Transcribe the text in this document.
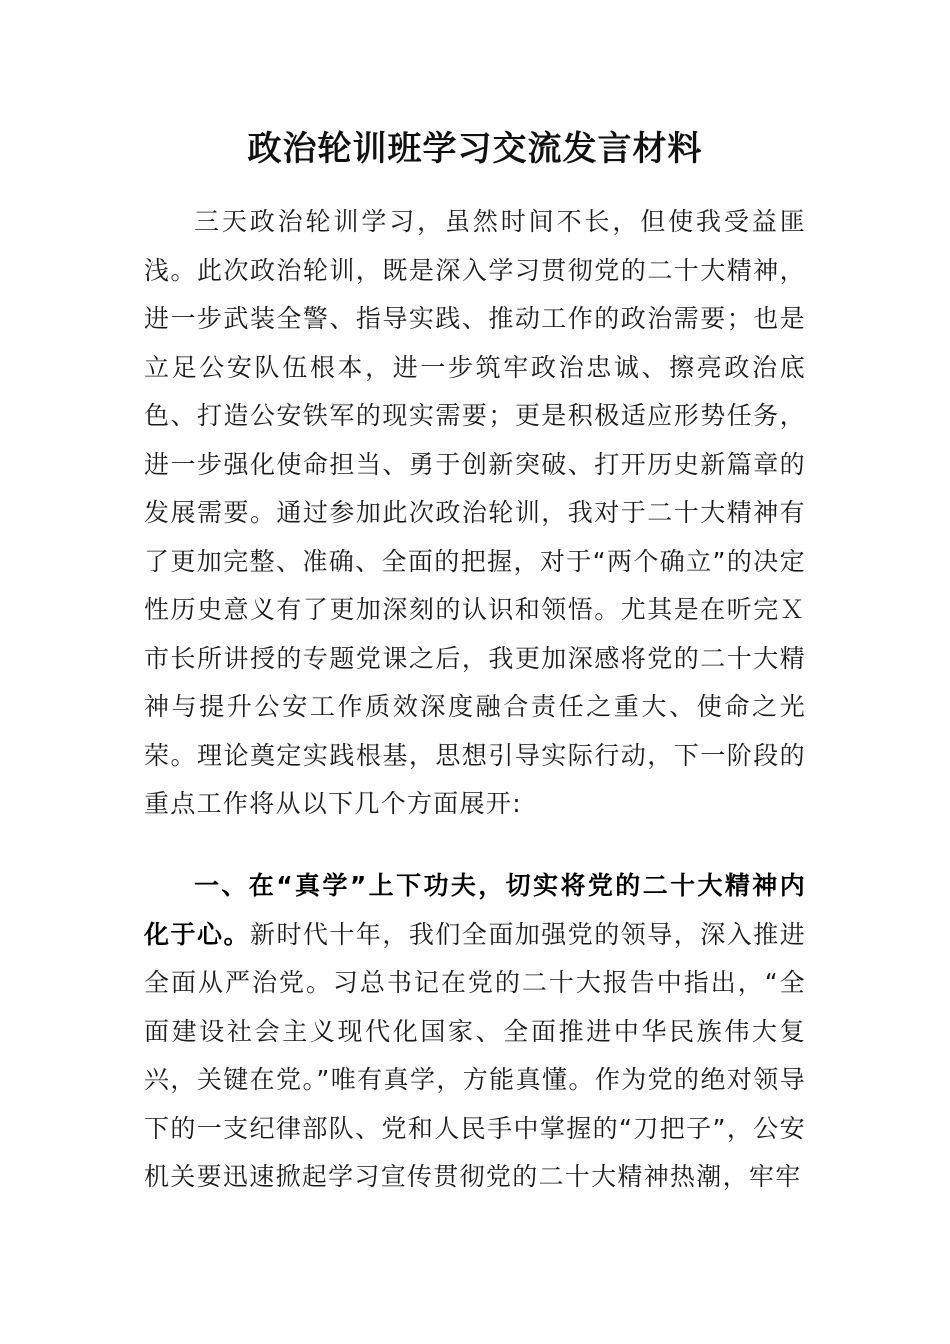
政治轮训班学习交流发言材料
三天政治轮训学习，虽然时间不长，但使我受益匪浅。此次政治轮训，既是深入学习贯彻党的二十大精神，进一步武装全警、指导实践、推动工作的政治需要；也是立足公安队伍根本，进一步筑牢政治忠诚、擦亮政治底色、打造公安铁军的现实需要；更是积极适应形势任务，进一步强化使命担当、勇于创新突破、打开历史新篇章的发展需要。通过参加此次政治轮训，我对于二十大精神有了更加完整、准确、全面的把握，对于“两个确立”的决定性历史意义有了更加深刻的认识和领悟。尤其是在听完Ｘ 市长所讲授的专题党课之后，我更加深感将党的二十大精神与提升公安工作质效深度融合责任之重大、使命之光荣。理论奠定实践根基，思想引导实际行动，下一阶段的重点工作将从以下几个方面展开:
一、在“真学”上下功夫，切实将党的二十大精神内化于心。新时代十年，我们全面加强党的领导，深入推进全面从严治党。习总书记在党的二十大报告中指出，“全面建设社会主义现代化国家、全面推进中华民族伟大复兴，关键在党。”唯有真学，方能真懂。作为党的绝对领导下的一支纪律部队、党和人民手中掌握的“刀把子”，公安机关要迅速掀起学习宣传贯彻党的二十大精神热潮，牢牢
